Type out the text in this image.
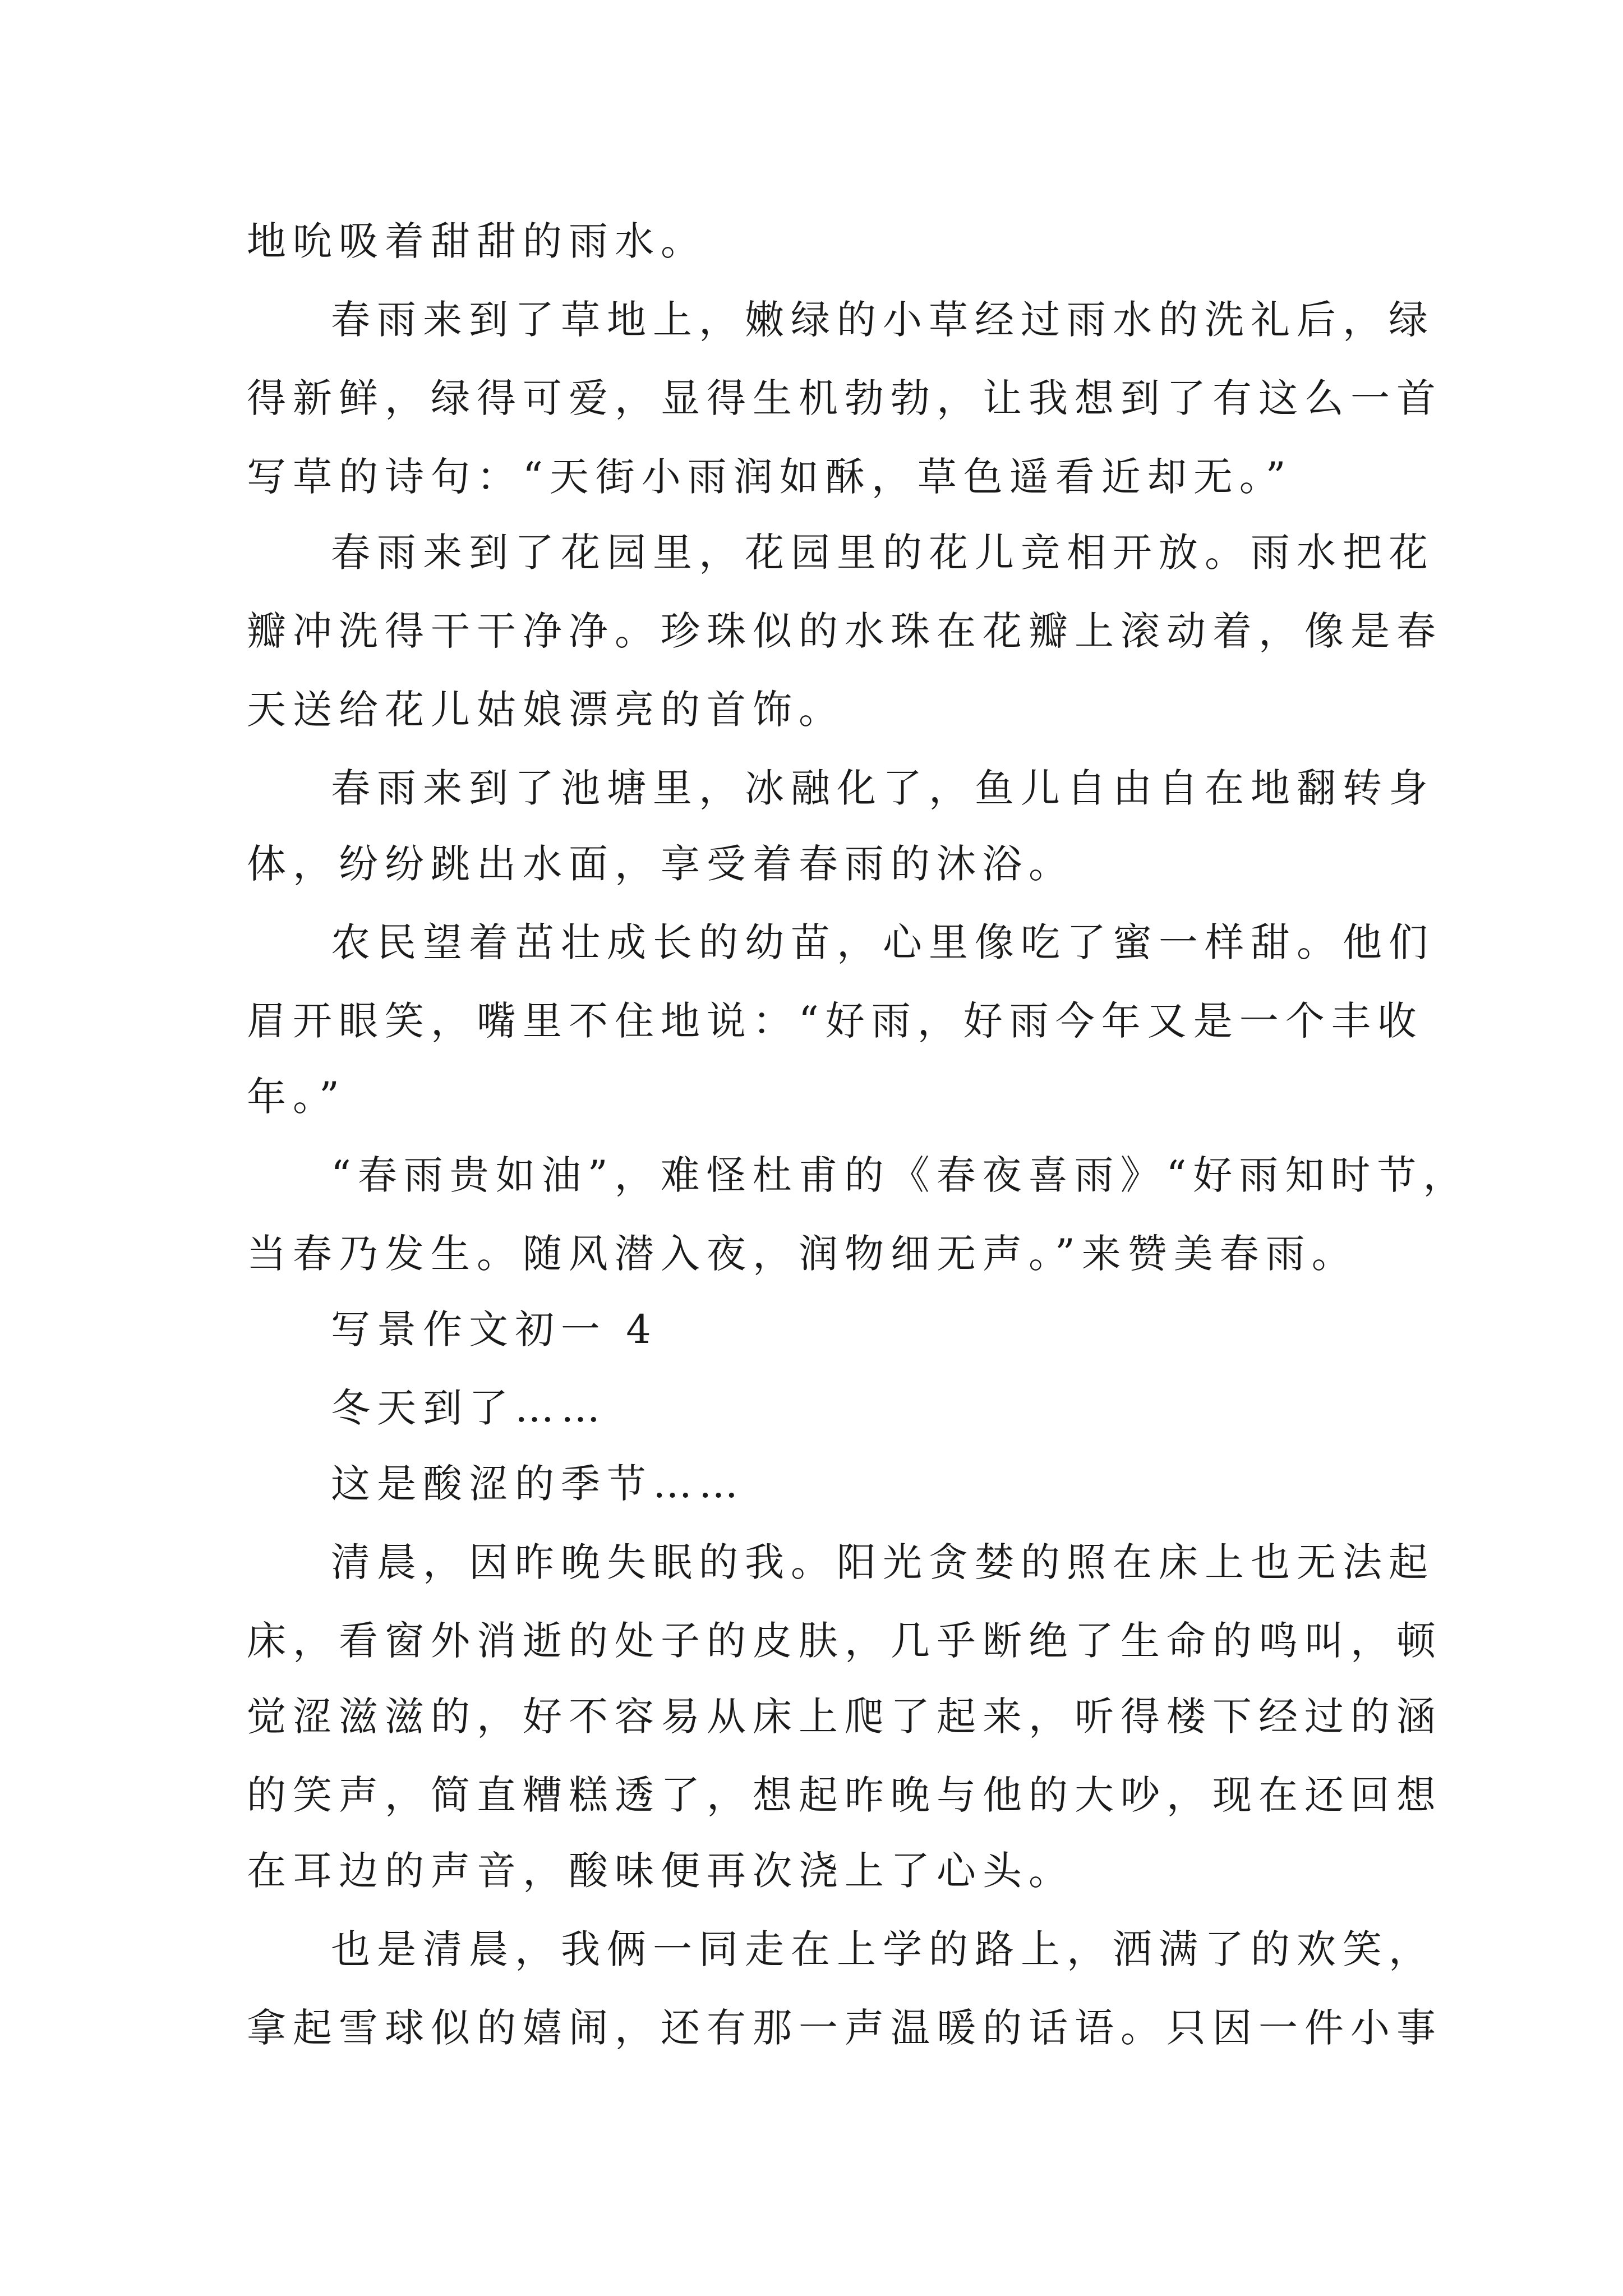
地吮吸着甜甜的雨水。

春雨来到了草地上，嫩绿的小草经过雨水的洗礼后，绿

得新鲜，绿得可爱，显得生机勃勃，让我想到了有这么一首

写草的诗句：“天街小雨润如酥，草色遥看近却无。”

春雨来到了花园里，花园里的花儿竞相开放。雨水把花

瓣冲洗得干干净净。珍珠似的水珠在花瓣上滚动着，像是春

天送给花儿姑娘漂亮的首饰。

春雨来到了池塘里，冰融化了，鱼儿自由自在地翻转身

体，纷纷跳出水面，享受着春雨的沐浴。

农民望着茁壮成长的幼苗，心里像吃了蜜一样甜。他们

眉开眼笑，嘴里不住地说：“好雨，好雨今年又是一个丰收

年。”

“春雨贵如油”，难怪杜甫的《春夜喜雨》“好雨知时节，

当春乃发生。随风潜入夜，润物细无声。”来赞美春雨。

写景作文初一 4

冬天到了……

这是酸涩的季节……

清晨，因昨晚失眠的我。阳光贪婪的照在床上也无法起

床，看窗外消逝的处子的皮肤，几乎断绝了生命的鸣叫，顿

觉涩滋滋的，好不容易从床上爬了起来，听得楼下经过的涵

的笑声，简直糟糕透了，想起昨晚与他的大吵，现在还回想

在耳边的声音，酸味便再次浇上了心头。

也是清晨，我俩一同走在上学的路上，洒满了的欢笑，

拿起雪球似的嬉闹，还有那一声温暖的话语。只因一件小事
